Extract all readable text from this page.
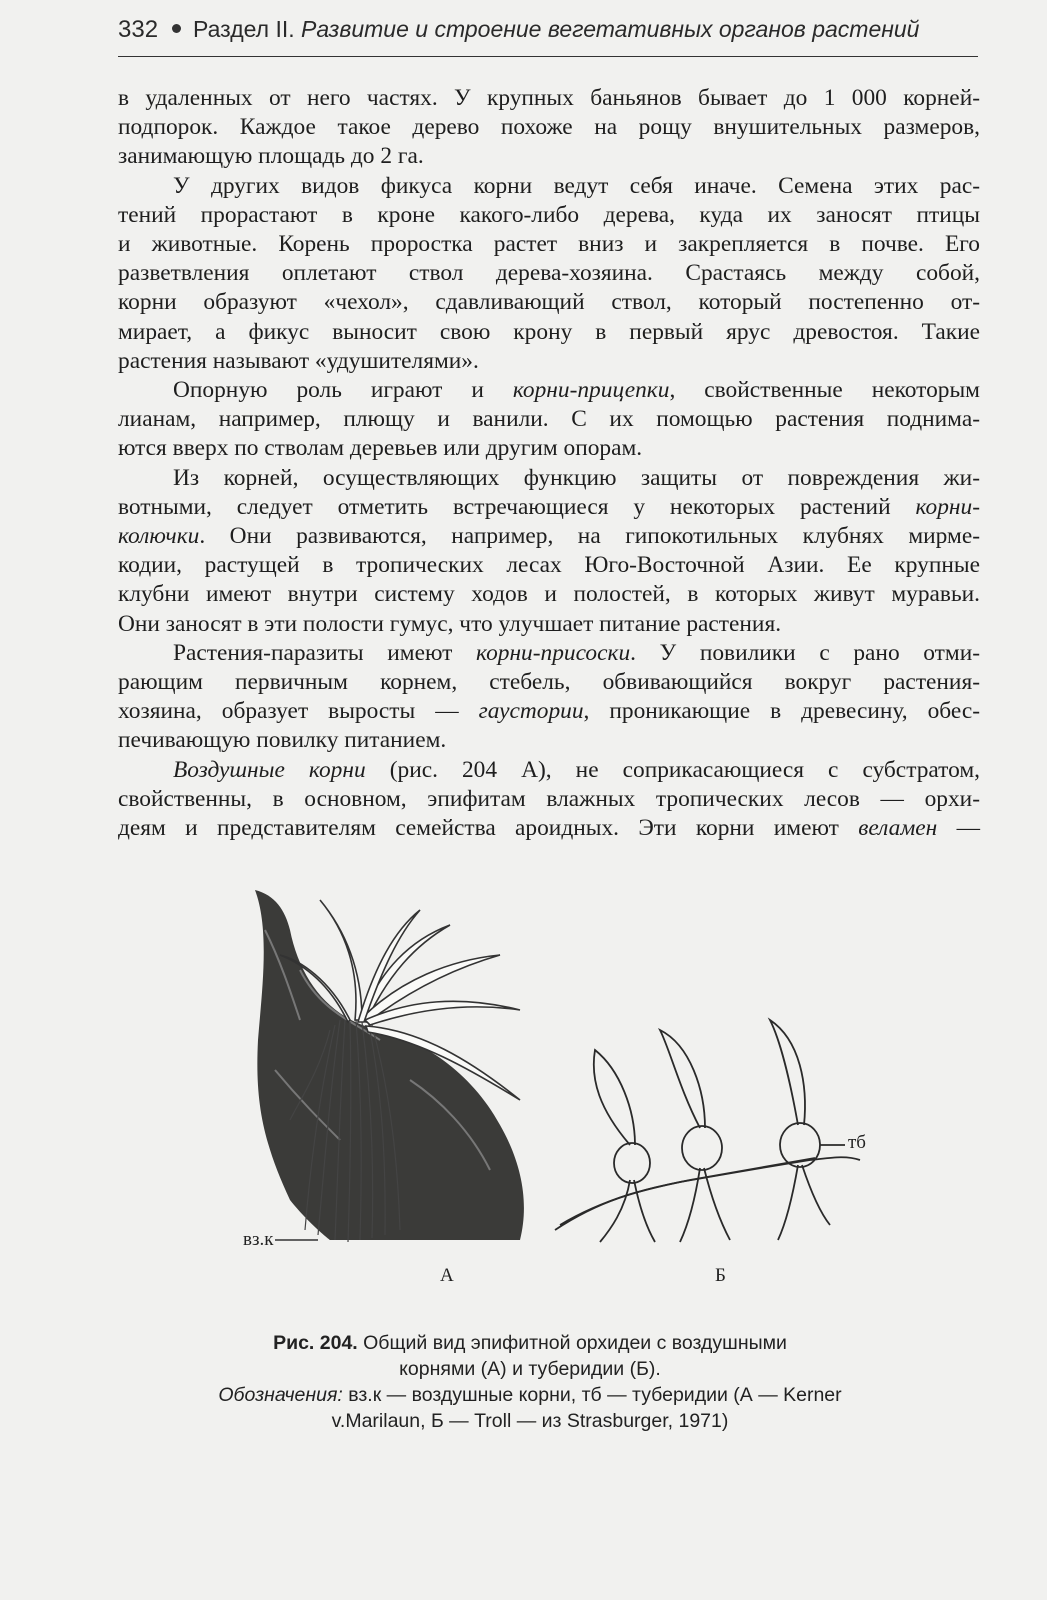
332 Раздел II. Развитие и строение вегетативных органов растений

в удаленных от него частях. У крупных баньянов бывает до 1 000 корней-
подпорок. Каждое такое дерево похоже на рощу внушительных размеров,
занимающую площадь до 2 га.

У других видов фикуса корни ведут себя иначе. Семена этих рас-
тений прорастают в кроне какого-либо дерева, куда их заносят птицы
и животные. Корень проростка растет вниз и закрепляется в почве. Его
разветвления оплетают ствол дерева-хозяина. Срастаясь между собой,
корни образуют «чехол», сдавливающий ствол, который постепенно от-
мирает, а фикус выносит свою крону в первый ярус древостоя. Такие
растения называют «удушителями».

Опорную роль играют и корни-прицепки, свойственные некоторым
лианам, например, плющу и ванили. С их помощью растения поднима-
ются вверх по стволам деревьев или другим опорам.

Из корней, осуществляющих функцию защиты от повреждения жи-
вотными, следует отметить встречающиеся у некоторых растений корни-
колючки. Они развиваются, например, на гипокотильных клубнях мирме-
кодии, растущей в тропических лесах Юго-Восточной Азии. Ее крупные
клубни имеют внутри систему ходов и полостей, в которых живут муравьи.
Они заносят в эти полости гумус, что улучшает питание растения.

Растения-паразиты имеют корни-присоски. У повилики с рано отми-
рающим первичным корнем, стебель, обвивающийся вокруг растения-
хозяина, образует выросты — гаустории, проникающие в древесину, обес-
печивающую повилку питанием.

Воздушные корни (рис. 204 А), не соприкасающиеся с субстратом,
свойственны, в основном, эпифитам влажных тропических лесов — орхи-
деям и представителям семейства ароидных. Эти корни имеют веламен —

вз.к
тб
А	Б
Рис. 204. Общий вид эпифитной орхидеи с воздушными
корнями (А) и туберидии (Б).
Обозначения: вз.к — воздушные корни, тб — туберидии (А — Kerner
v.Marilaun, Б — Troll — из Strasburger, 1971)
